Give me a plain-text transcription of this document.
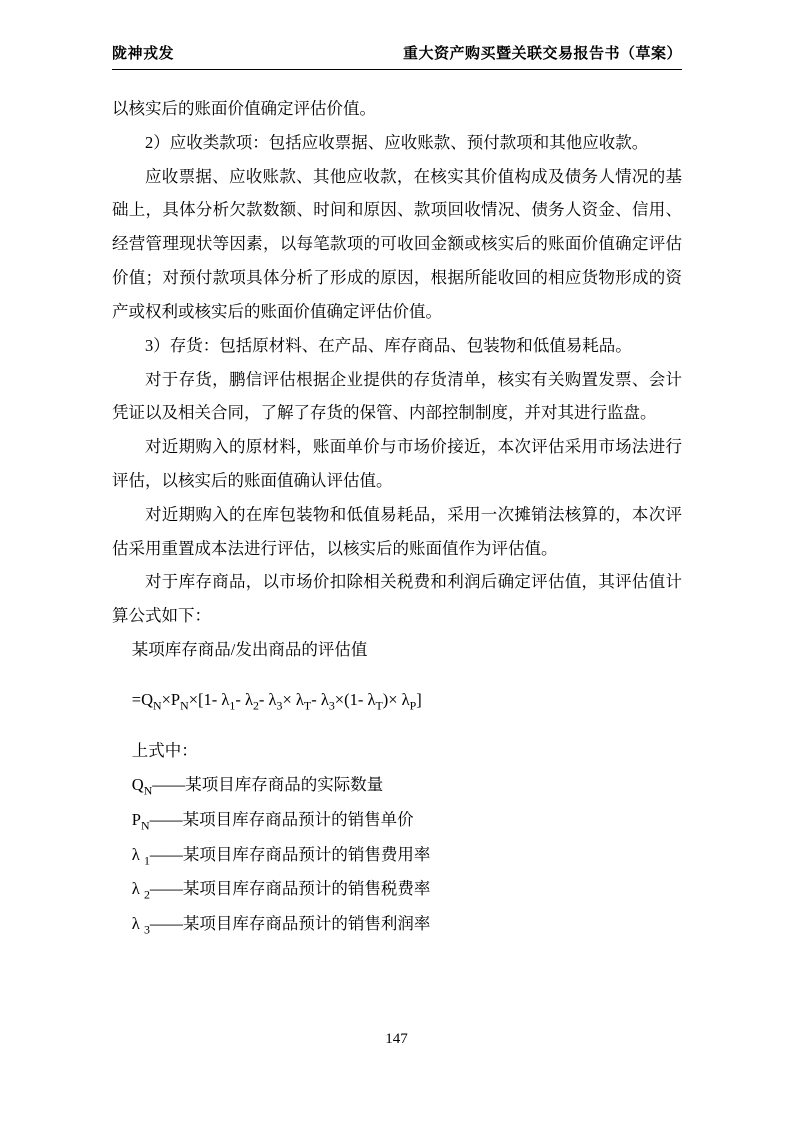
陇神戎发	重大资产购买暨关联交易报告书（草案）

以核实后的账面价值确定评估价值。

2）应收类款项：包括应收票据、应收账款、预付款项和其他应收款。

应收票据、应收账款、其他应收款，在核实其价值构成及债务人情况的基础上，具体分析欠款数额、时间和原因、款项回收情况、债务人资金、信用、经营管理现状等因素，以每笔款项的可收回金额或核实后的账面价值确定评估价值；对预付款项具体分析了形成的原因，根据所能收回的相应货物形成的资产或权利或核实后的账面价值确定评估价值。

3）存货：包括原材料、在产品、库存商品、包装物和低值易耗品。

对于存货，鹏信评估根据企业提供的存货清单，核实有关购置发票、会计凭证以及相关合同，了解了存货的保管、内部控制制度，并对其进行监盘。

对近期购入的原材料，账面单价与市场价接近，本次评估采用市场法进行评估，以核实后的账面值确认评估值。

对近期购入的在库包装物和低值易耗品，采用一次摊销法核算的，本次评估采用重置成本法进行评估，以核实后的账面值作为评估值。

对于库存商品，以市场价扣除相关税费和利润后确定评估值，其评估值计算公式如下：

某项库存商品/发出商品的评估值

$=Q_N\times P_N\times[1-$ $\lambda_1-$ $\lambda_2-$ $\lambda_3\times \lambda_T-$ $\lambda_3\times(1-$ $\lambda_T)\times \lambda_P$]

上式中：

$Q_N——$某项目库存商品的实际数量

$P_N——$某项目库存商品预计的销售单价

λ $_1$——某项目库存商品预计的销售费用率

λ $_2$——某项目库存商品预计的销售税费率

λ $_3$——某项目库存商品预计的销售利润率

147
